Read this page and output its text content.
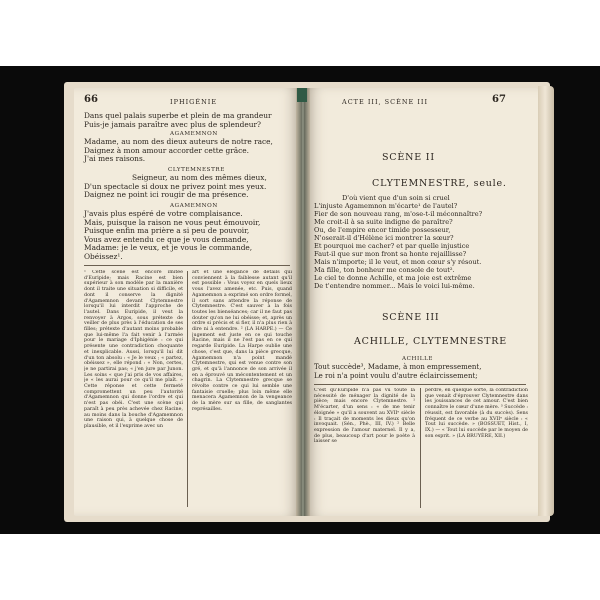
66	IPHIGÉNIE
Dans quel palais superbe et plein de ma grandeur
Puis-je jamais paraître avec plus de splendeur?
AGAMEMNON
Madame, au nom des dieux auteurs de notre race,
Daignez à mon amour accorder cette grâce.
J'ai mes raisons.
CLYTEMNESTRE
Seigneur, au nom des mêmes dieux,
D'un spectacle si doux ne privez point mes yeux.
Daignez ne point ici rougir de ma présence.
AGAMEMNON
J'avais plus espéré de votre complaisance.
Mais, puisque la raison ne vous peut émouvoir,
Puisque enfin ma prière a si peu de pouvoir,
Vous avez entendu ce que je vous demande,
Madame: je le veux, et je vous le commande,
Obéissez¹.

¹ Cette scène est encore imitée d'Euripide; mais Racine est bien supérieur à son modèle par la manière dont il traite une situation si difficile, et dont il conserve la dignité d'Agamemnon devant Clytemnestre lorsqu'il lui interdit l'approche de l'autel. Dans Euripide, il veut la renvoyer à Argos, sous prétexte de veiller de plus près à l'éducation de ses filles; prétexte d'autant moins probable que lui-même l'a fait venir à l'armée pour le mariage d'Iphigénie : ce qui présente une contradiction choquante et inexplicable. Aussi, lorsqu'il lui dit d'un ton absolu : « Je le veux ; « partez, obéissez », elle répond : « Non, certes, je ne partirai pas; « j'en jure par Junon. Les soins « que j'ai pris de vos affaires, je « les aurai pour ce qu'il me plaît. » Cette réponse et cette fermeté compromettent un peu l'autorité d'Agamemnon qui donne l'ordre et qui n'est pas obéi. C'est une scène qui paraît à peu près achevée chez Racine, au moins dans la bouche d'Agamemnon une raison qui, à quelque chose de plausible, et il l'exprime avec un

art et une élégance de détails qui conviennent à la faiblesse autant qu'il est possible : Vous voyez en quels lieux vous l'avez amenée, etc. Puis, quand Agamemnon a exprimé son ordre formel, il sort sans attendre la réponse de Clytemnestre. C'est sauver à la fois toutes les bienséances; car il ne faut pas douter qu'on ne lui obéisse; et, après un ordre si précis et si fier, il n'a plus rien à dire ni à entendre. ² (LA HARPE.) — Ce jugement est juste en ce qui touche Racine, mais il ne l'est pas en ce qui regarde Euripide. La Harpe oublie une chose, c'est que, dans la pièce grecque, Agamemnon n'a point mandé Clytemnestre, qui est venue contre son gré, et qu'à l'annonce de son arrivée il en a éprouvé un mécontentement et un chagrin. La Clytemnestre grecque se révolte contre ce qui lui semble une fantaisie cruelle; plus loin même elle menacera Agamemnon de la vengeance de la mère sur sa fille, de sanglantes représailles.

ACTE III, SCÈNE III	67
SCÈNE II
CLYTEMNESTRE, seule.
D'où vient que d'un soin si cruel
L'injuste Agamemnon m'écarte¹ de l'autel?
Fier de son nouveau rang, m'ose-t-il méconnaître?
Me croit-il à sa suite indigne de paraître?
Ou, de l'empire encor timide possesseur,
N'oserait-il d'Hélène ici montrer la sœur?
Et pourquoi me cacher? et par quelle injustice
Faut-il que sur mon front sa honte rejaillisse?
Mais n'importe; il le veut, et mon cœur s'y résout.
Ma fille, ton bonheur me console de tout².
Le ciel te donne Achille, et ma joie est extrême
De t'entendre nommer... Mais le voici lui-même.
SCÈNE III
ACHILLE, CLYTEMNESTRE
ACHILLE
Tout succède³, Madame, à mon empressement,
Le roi n'a point voulu d'autre éclaircissement;

C'est qu'Euripide n'a pas vu toute la nécessité de ménager la dignité de la pièce; mais encore Clytemnestre. ¹ M'écarter, d'un sens : « de me tenir éloignée » qu'il a souvent au XVIIᵉ siècle : Il traçait de moments les dieux qu'on invoquait. (Sén., Phè., III, IV.) ² Belle expression de l'amour maternel. Il y a, de plus, beaucoup d'art pour le poète à laisser se

perdre, en quelque sorte, la contradiction que venait d'éprouver Clytemnestre dans les jouissances de cet amour. C'est bien connaître le cœur d'une mère. ³ Succède : réussit, est favorable (à du succès). Sens fréquent de ce verbe au XVIIᵉ siècle : « Tout lui succède. » (BOSSUET, Hist., I, IX.) — « Tout lui succède par le moyen de son esprit. » (LA BRUYÈRE, XII.)
